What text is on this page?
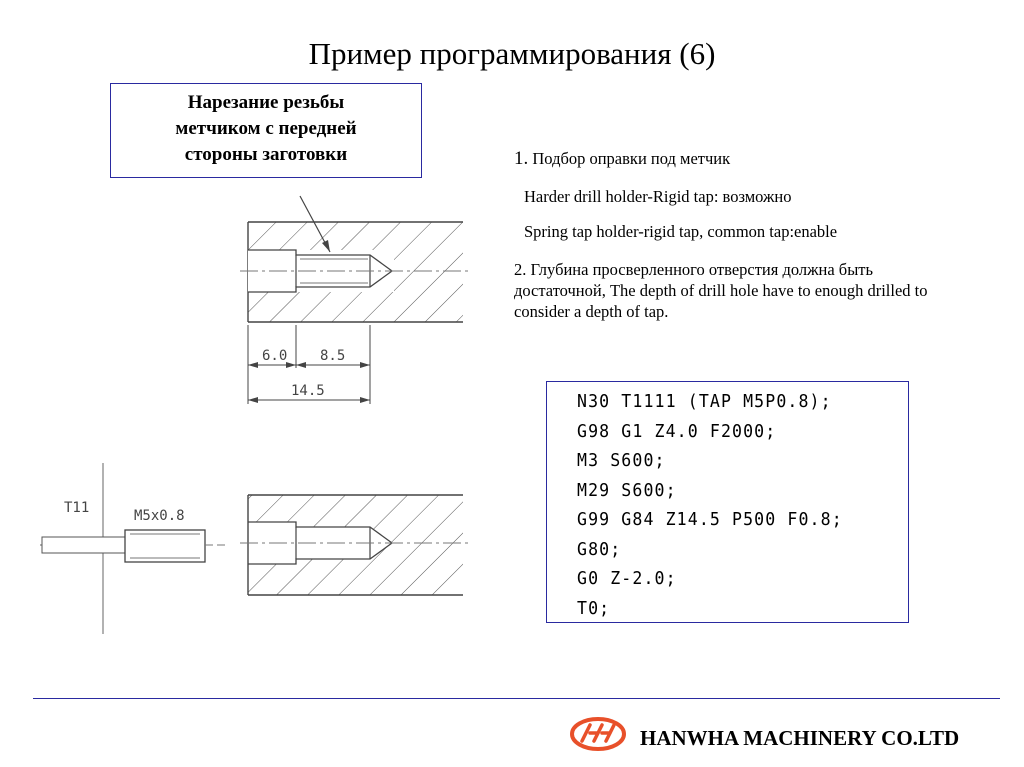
Пример программирования (6)
6.0 8.5
14.5
T11	M5x0.8
Нарезание резьбы
метчиком с передней
стороны заготовки	1. Подбор оправки под метчик
Harder drill holder-Rigid tap: возможно
Spring tap holder-rigid tap, common tap:enable
2. Глубина просверленного отверстия должна быть достаточной, The depth of drill hole have to enough drilled to consider a depth of tap.
N30 T1111 (TAP M5P0.8);
G98 G1 Z4.0 F2000;
M3 S600;
M29 S600;
G99 G84 Z14.5 P500 F0.8;
G80;
G0 Z-2.0;
T0;
HANWHA MACHINERY CO.LTD
